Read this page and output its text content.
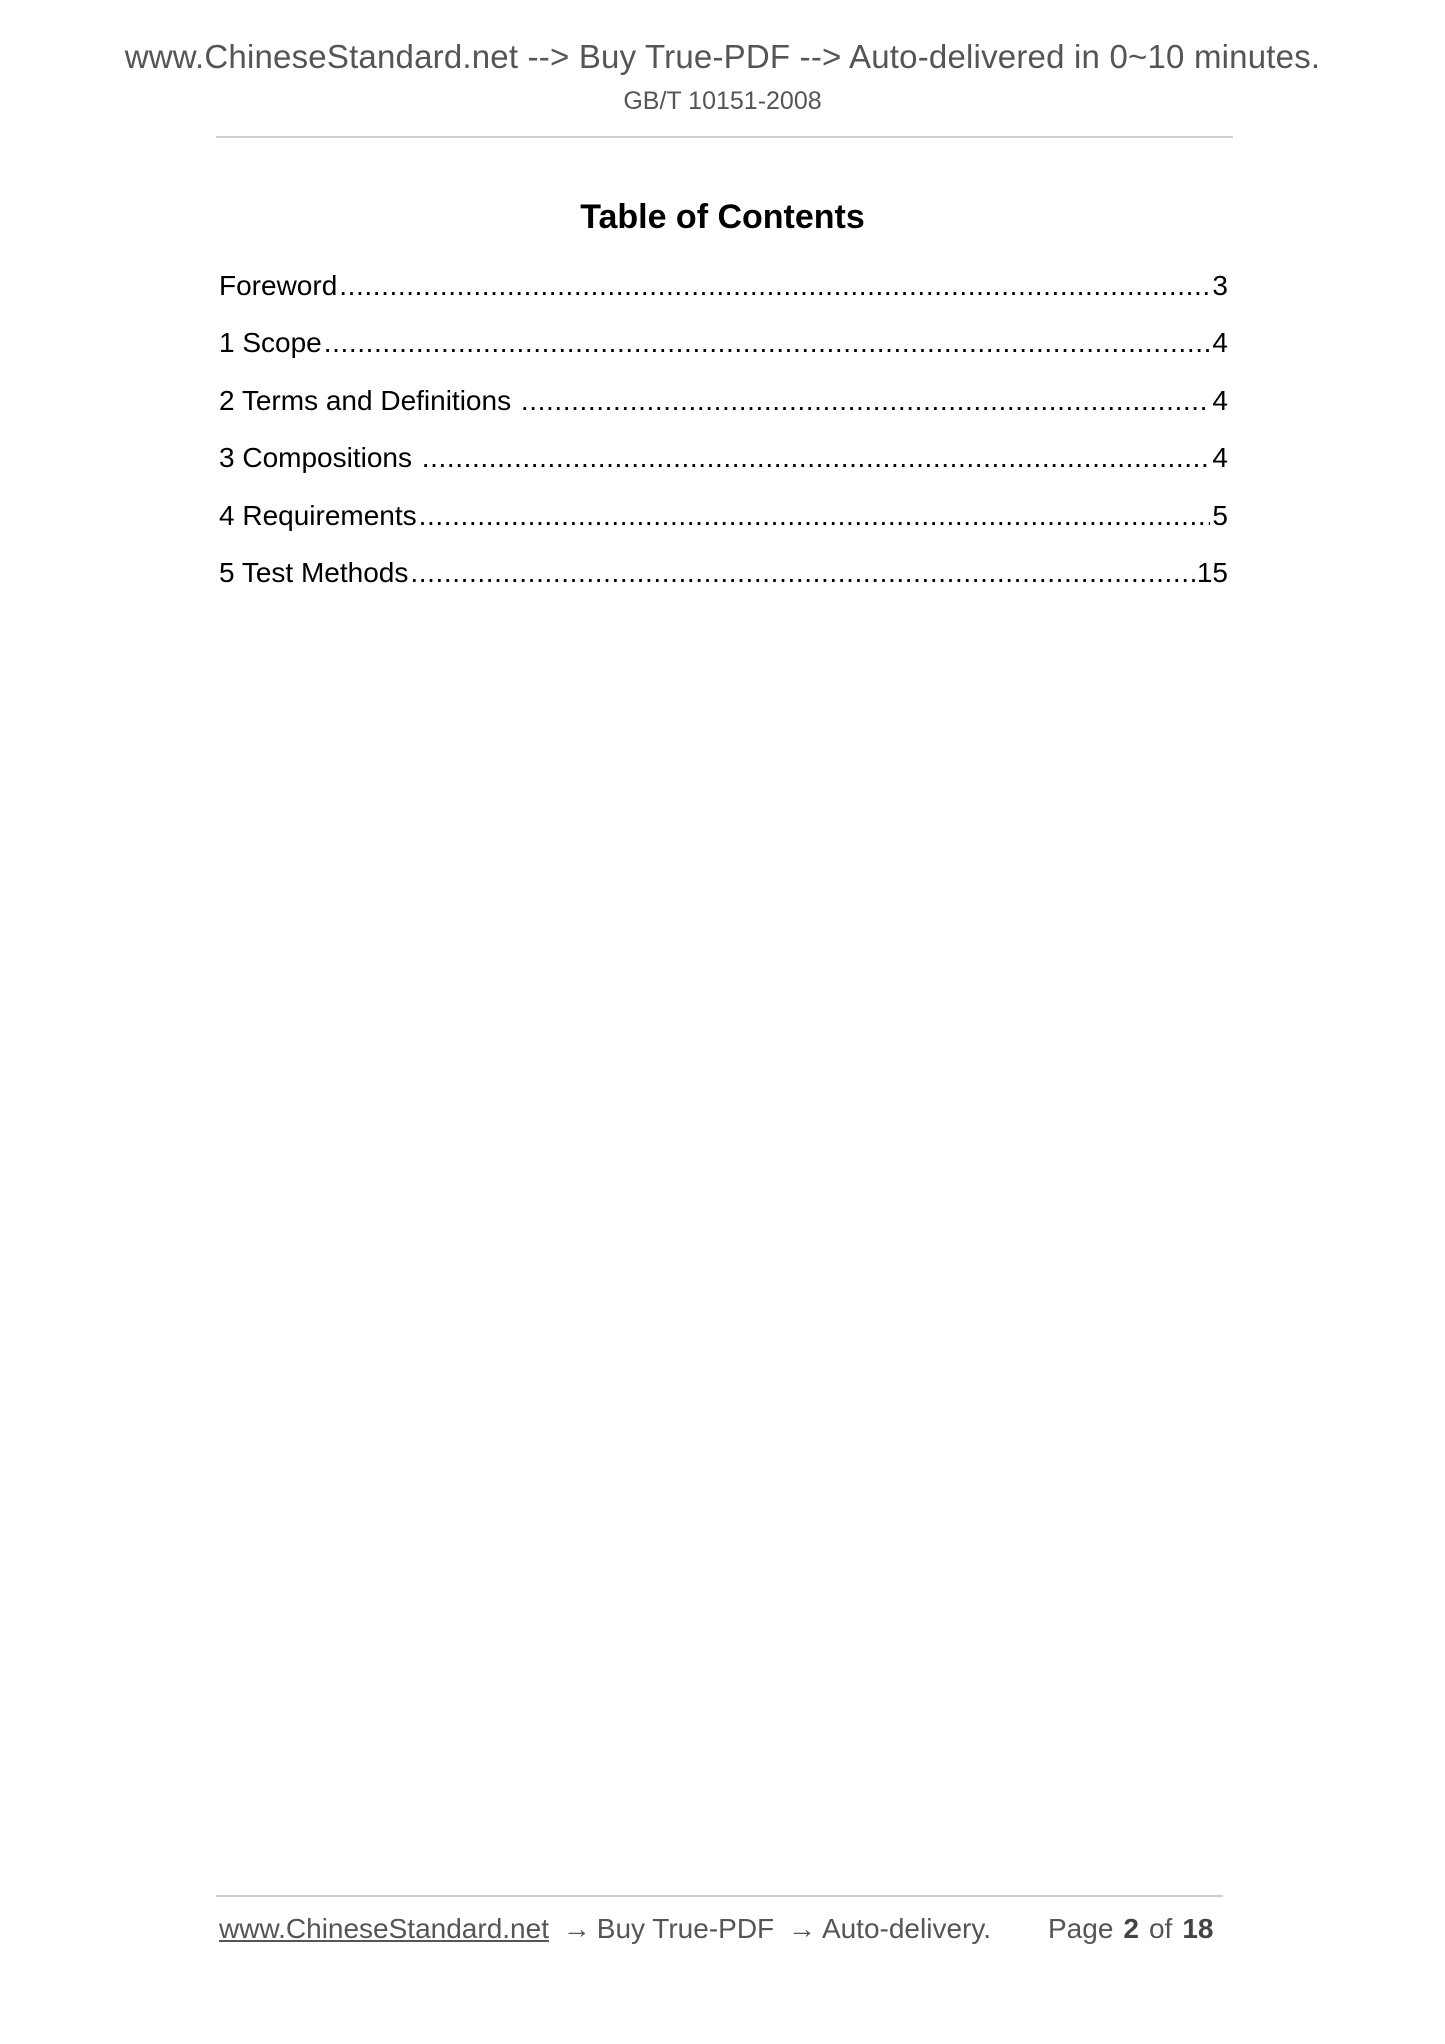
www.ChineseStandard.net --> Buy True-PDF --> Auto-delivered in 0~10 minutes.
GB/T 10151-2008
Table of Contents
Foreword .....	3
1 Scope .....	4
2 Terms and Definitions .....	4
3 Compositions .....	4
4 Requirements .....	5
5 Test Methods .....	15
www.ChineseStandard.net → Buy True-PDF → Auto-delivery. Page 2 of 18
